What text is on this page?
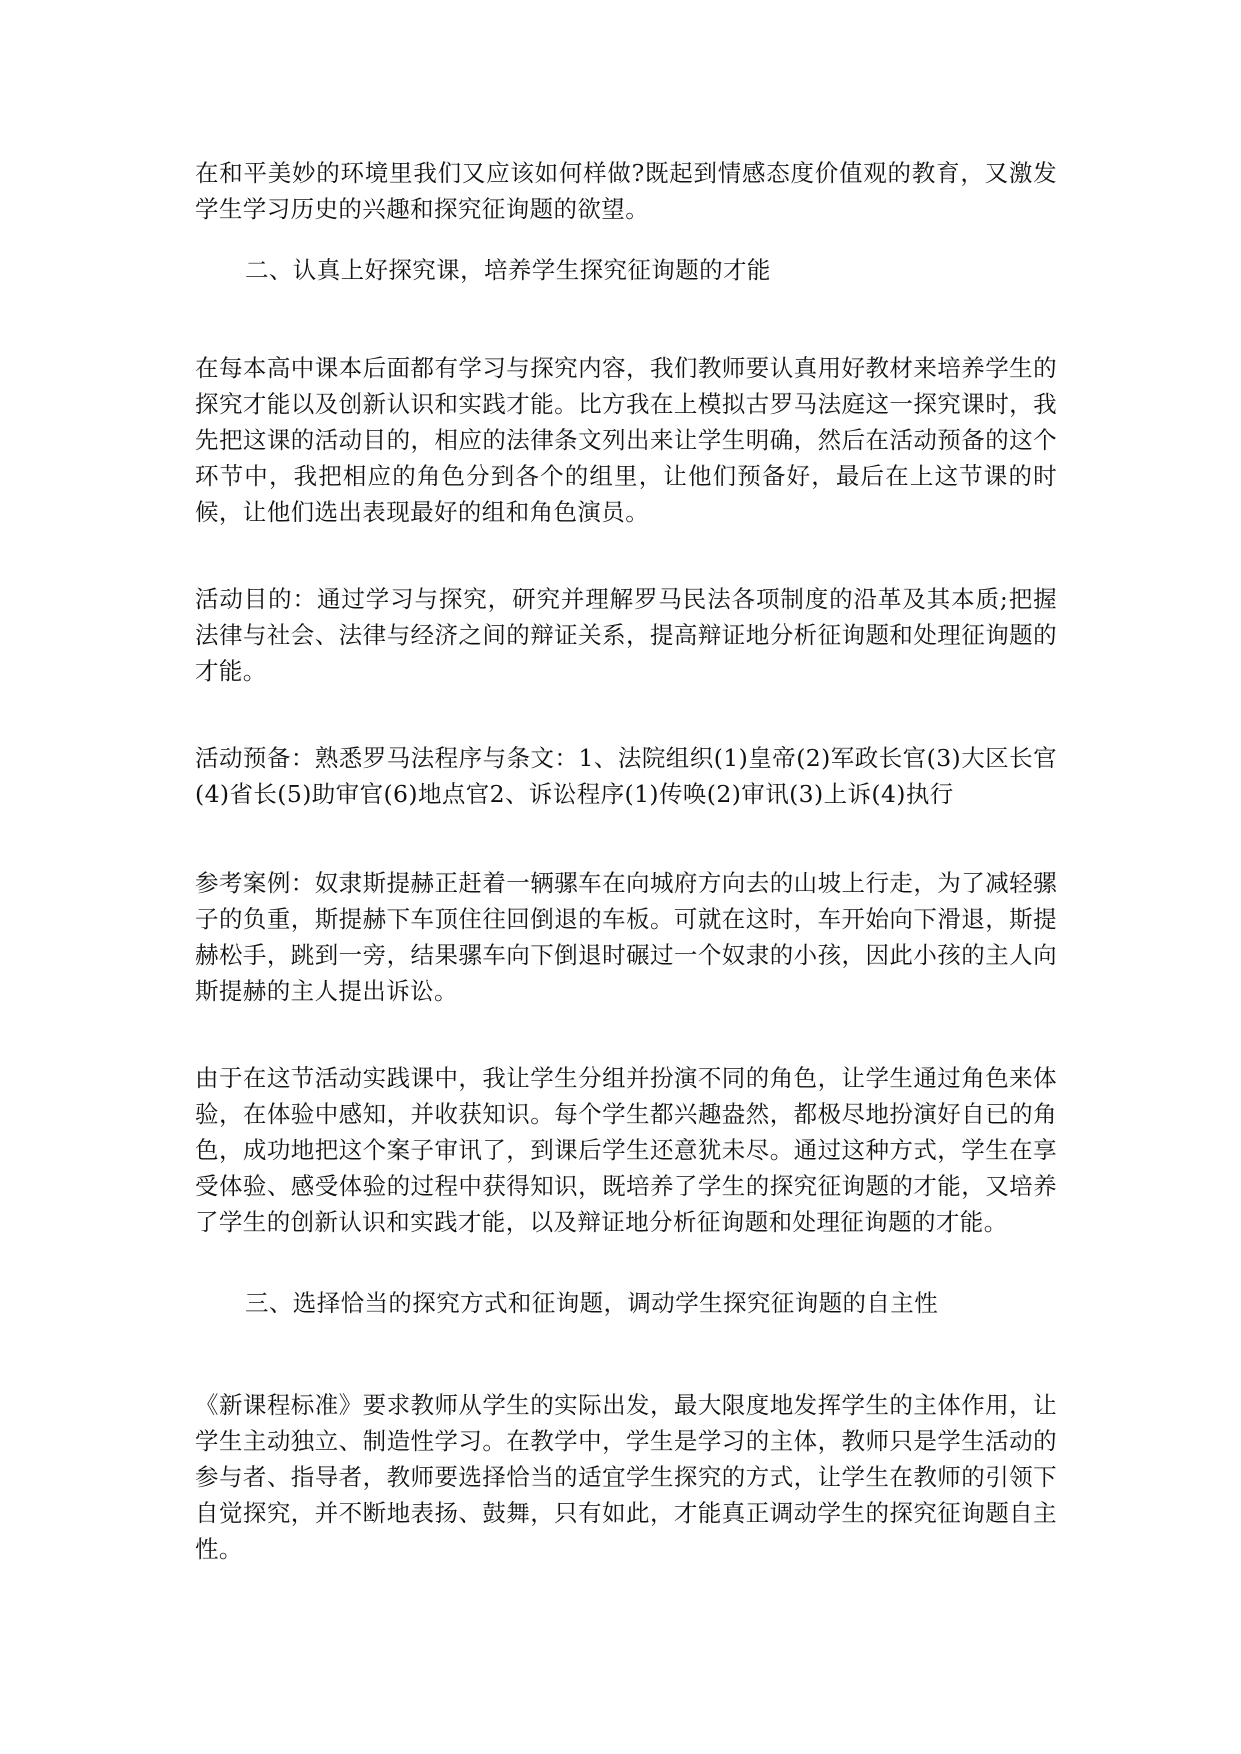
在和平美妙的环境里我们又应该如何样做?既起到情感态度价值观的教育，又激发学生学习历史的兴趣和探究征询题的欲望。

二、认真上好探究课，培养学生探究征询题的才能

在每本高中课本后面都有学习与探究内容，我们教师要认真用好教材来培养学生的探究才能以及创新认识和实践才能。比方我在上模拟古罗马法庭这一探究课时，我先把这课的活动目的，相应的法律条文列出来让学生明确，然后在活动预备的这个环节中，我把相应的角色分到各个的组里，让他们预备好，最后在上这节课的时候，让他们选出表现最好的组和角色演员。

活动目的：通过学习与探究，研究并理解罗马民法各项制度的沿革及其本质;把握法律与社会、法律与经济之间的辩证关系，提高辩证地分析征询题和处理征询题的才能。

活动预备：熟悉罗马法程序与条文：1、法院组织(1)皇帝(2)军政长官(3)大区长官(4)省长(5)助审官(6)地点官2、诉讼程序(1)传唤(2)审讯(3)上诉(4)执行

参考案例：奴隶斯提赫正赶着一辆骡车在向城府方向去的山坡上行走，为了减轻骡子的负重，斯提赫下车顶住往回倒退的车板。可就在这时，车开始向下滑退，斯提赫松手，跳到一旁，结果骡车向下倒退时碾过一个奴隶的小孩，因此小孩的主人向斯提赫的主人提出诉讼。

由于在这节活动实践课中，我让学生分组并扮演不同的角色，让学生通过角色来体验，在体验中感知，并收获知识。每个学生都兴趣盎然，都极尽地扮演好自已的角色，成功地把这个案子审讯了，到课后学生还意犹未尽。通过这种方式，学生在享受体验、感受体验的过程中获得知识，既培养了学生的探究征询题的才能，又培养了学生的创新认识和实践才能，以及辩证地分析征询题和处理征询题的才能。

三、选择恰当的探究方式和征询题，调动学生探究征询题的自主性

《新课程标准》要求教师从学生的实际出发，最大限度地发挥学生的主体作用，让学生主动独立、制造性学习。在教学中，学生是学习的主体，教师只是学生活动的参与者、指导者，教师要选择恰当的适宜学生探究的方式，让学生在教师的引领下自觉探究，并不断地表扬、鼓舞，只有如此，才能真正调动学生的探究征询题自主性。
